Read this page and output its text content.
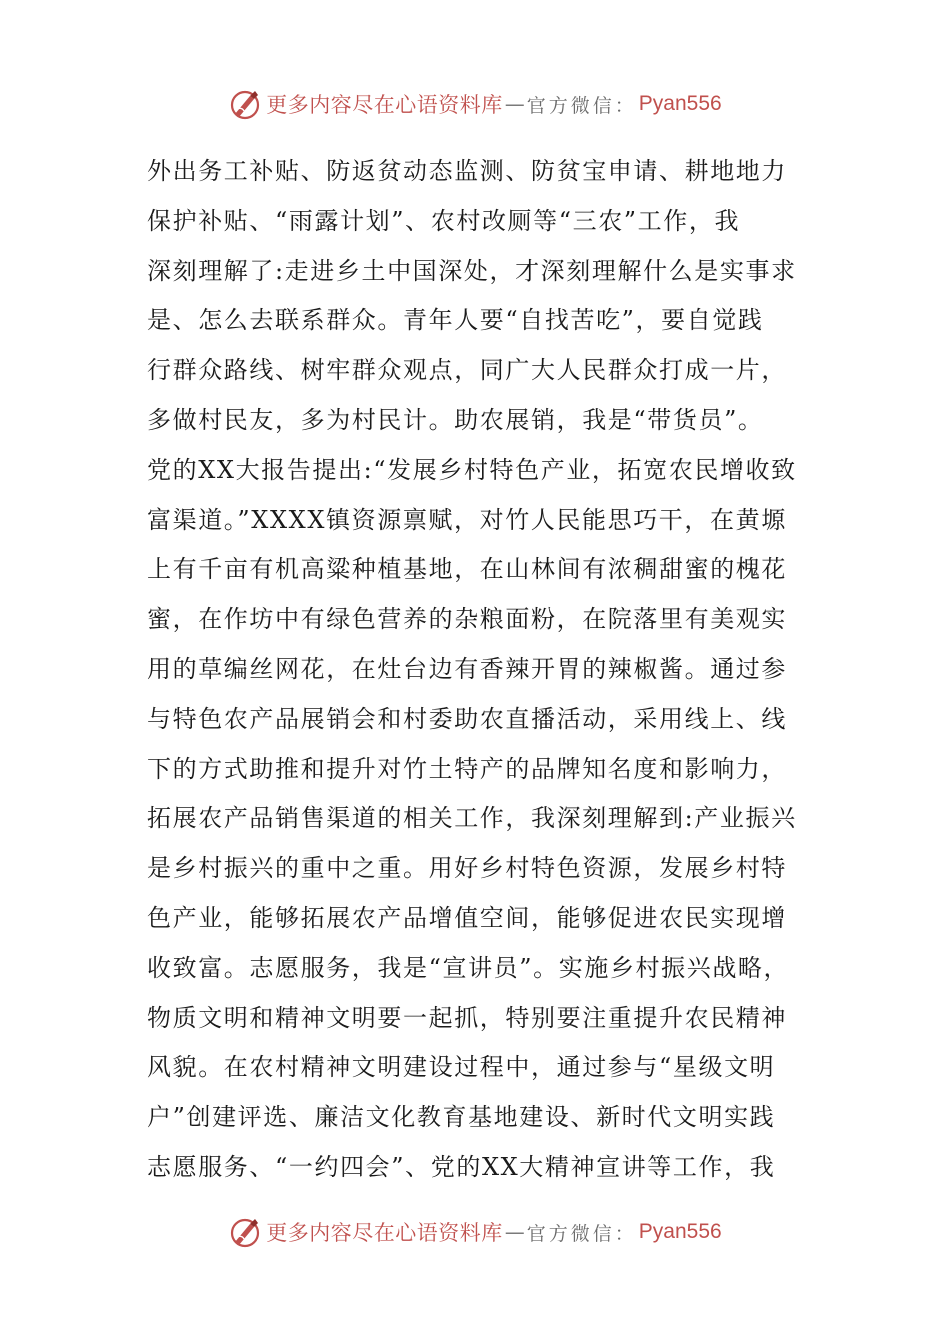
更多内容尽在心语资料库 — 官方微信： Pyan556
外出务工补贴、防返贫动态监测、防贫宝申请、耕地地力
保护补贴、“雨露计划”、农村改厕等“三农”工作，我
深刻理解了:走进乡土中国深处，才深刻理解什么是实事求
是、怎么去联系群众。青年人要“自找苦吃”，要自觉践
行群众路线、树牢群众观点，同广大人民群众打成一片，
多做村民友，多为村民计。助农展销，我是“带货员”。
党的XX大报告提出:“发展乡村特色产业，拓宽农民增收致
富渠道。”XXXX镇资源禀赋，对竹人民能思巧干，在黄塬
上有千亩有机高粱种植基地，在山林间有浓稠甜蜜的槐花
蜜，在作坊中有绿色营养的杂粮面粉，在院落里有美观实
用的草编丝网花，在灶台边有香辣开胃的辣椒酱。通过参
与特色农产品展销会和村委助农直播活动，采用线上、线
下的方式助推和提升对竹土特产的品牌知名度和影响力，
拓展农产品销售渠道的相关工作，我深刻理解到:产业振兴
是乡村振兴的重中之重。用好乡村特色资源，发展乡村特
色产业，能够拓展农产品增值空间，能够促进农民实现增
收致富。志愿服务，我是“宣讲员”。实施乡村振兴战略，
物质文明和精神文明要一起抓，特别要注重提升农民精神
风貌。在农村精神文明建设过程中，通过参与“星级文明
户”创建评选、廉洁文化教育基地建设、新时代文明实践
志愿服务、“一约四会”、党的XX大精神宣讲等工作，我
更多内容尽在心语资料库 — 官方微信： Pyan556
